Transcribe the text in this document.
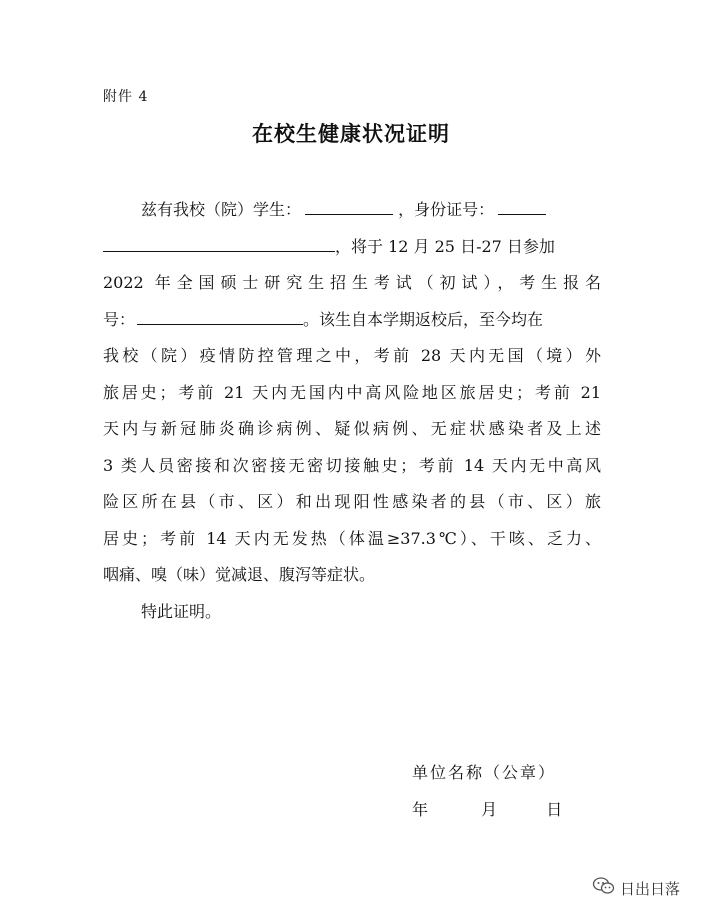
附件 4
在校生健康状况证明
兹有我校（院）学生：	，身份证号：
，将于 12 月 25 日-27 日参加
2022 年全国硕士研究生招生考试（初试），考生报名
号：	。该生自本学期返校后，至今均在
我校（院）疫情防控管理之中，考前 28 天内无国（境）外
旅居史；考前 21 天内无国内中高风险地区旅居史；考前 21
天内与新冠肺炎确诊病例、疑似病例、无症状感染者及上述
3 类人员密接和次密接无密切接触史；考前 14 天内无中高风
险区所在县（市、区）和出现阳性感染者的县（市、区）旅
居史；考前 14 天内无发热（体温≥37.3℃）、干咳、乏力、
咽痛、嗅（味）觉减退、腹泻等症状。
特此证明。
单位名称（公章）
年	月	日
日出日落
